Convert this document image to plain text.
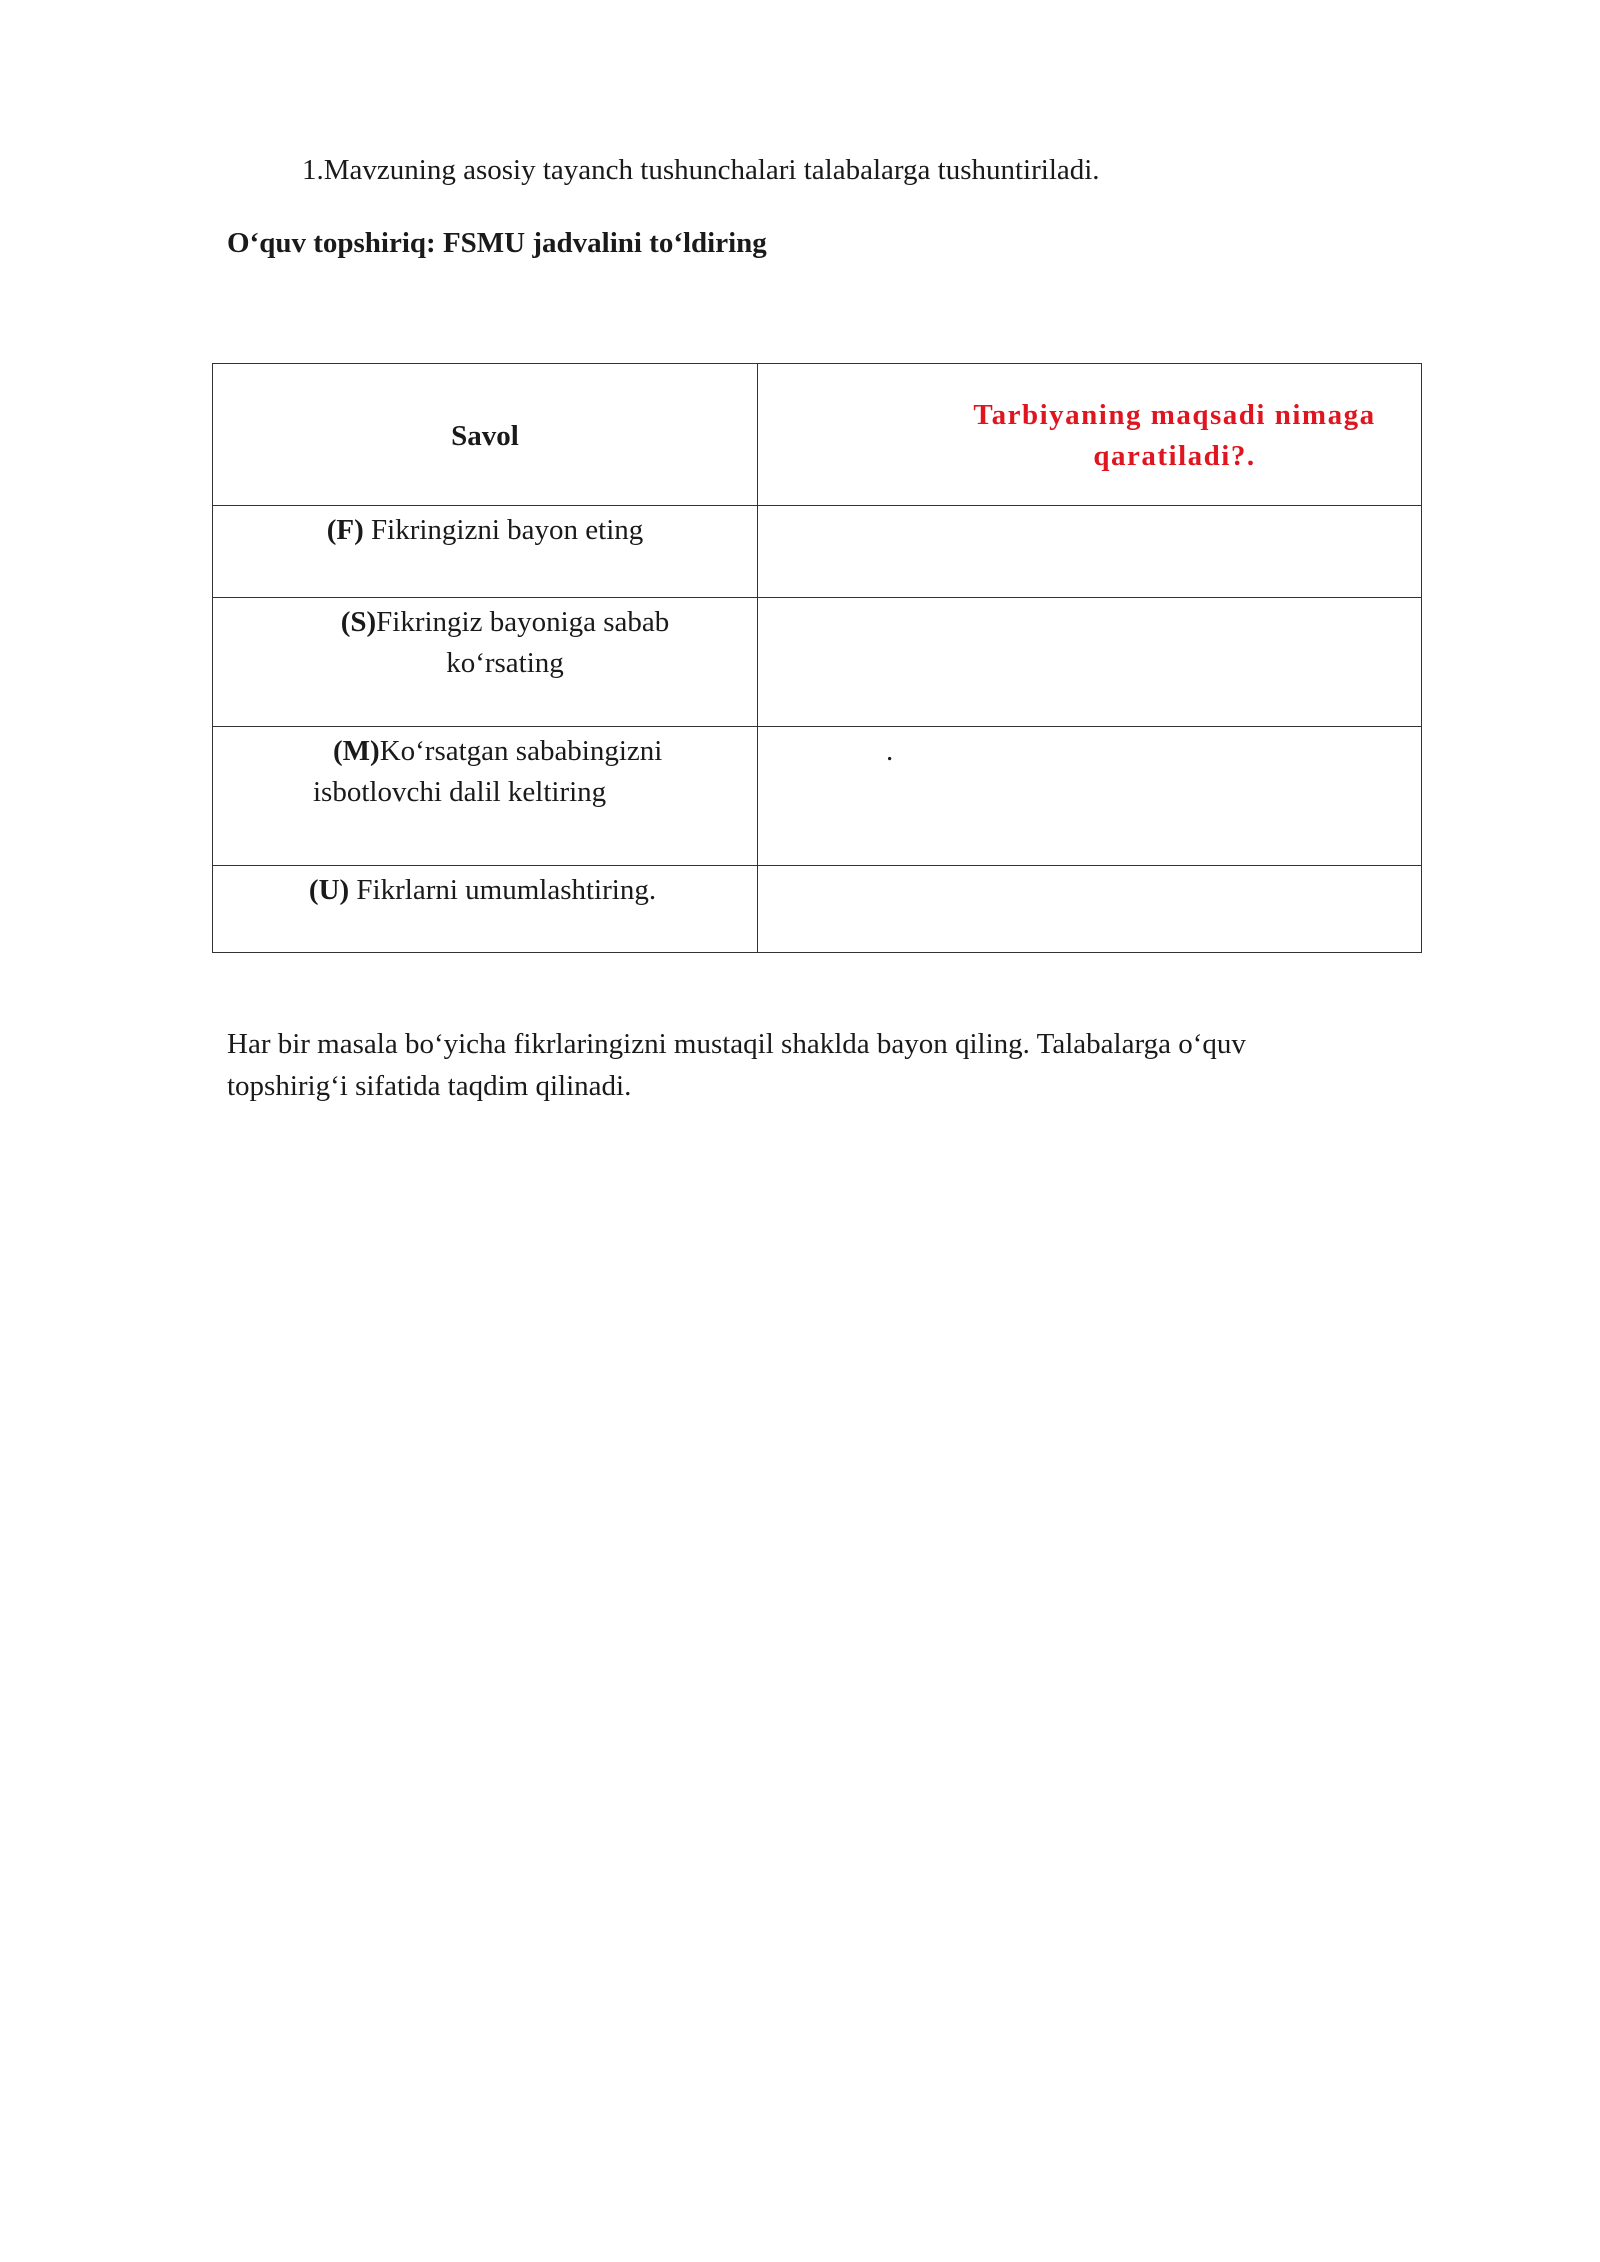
1.Mavzuning asosiy tayanch tushunchalari talabalarga tushuntiriladi.
O‘quv topshiriq: FSMU jadvalini to‘ldiring
Savol	Tarbiyaning maqsadi nimaga
qaratiladi?.

(F) Fikringizni bayon eting	

(S)Fikringiz bayoniga sabab
ko‘rsating	

(M)Ko‘rsatgan sababingizni
isbotlovchi dalil keltiring	.

(U) Fikrlarni umumlashtiring.	

Har bir masala bo‘yicha fikrlaringizni mustaqil shaklda bayon qiling. Talabalarga o‘quv
topshirig‘i sifatida taqdim qilinadi.
